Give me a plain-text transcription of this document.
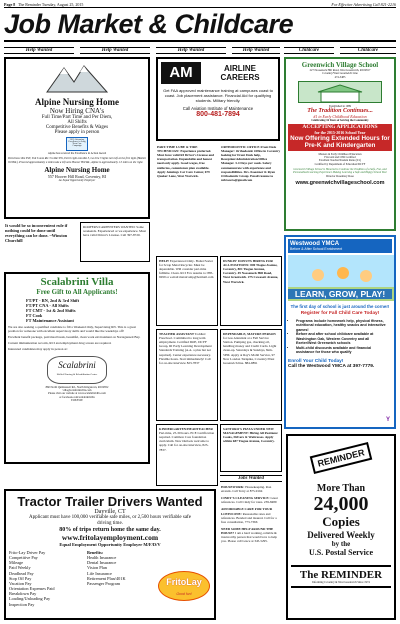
Page 8 The Reminder Tuesday, August 25, 2015	For Effective Advertising Call 821-2216
Job Market & Childcare
Help Wanted	Help Wanted	Help Wanted	Help Wanted	Childcare	Childcare
Alpine Nursing Home
Now Hiring CNA's
Full Time/Part Time and Per Diem,
All Shifts
Competitive Benefits & Wages
Please apply in person
2013 Advancing Excellence in Long Term Care Campaign
Alpine has received the Excellence in Action Award
Directions: Rte 95N, Exit 6 onto Rte 3 to Rte 95S, Exit 6 right onto Rte 3, Go thru 3 lights turn left at the first light (Hazlett Oil Bld.). Proceed approximately 4 miles take a left onto Hoover Hill Rd., Alpine is approximately 1.5 miles on the right.
Alpine Nursing Home
557 Hoover Hill Road, Coventry, RI
An Equal Opportunity Employer
AM	AIRLINE
CAREERS
Get FAA approved maintenance training at campuses coast to coast. Job placement assistance. Financial Aid for qualifying students. Military friendly.
Call Aviation Institute of Maintenance
800-481-7894
Greenwich Village School
227 Nooseneck Hill Road, West Greenwich, RI 02817
Coventry/West Greenwich Line
474-3485
Established in 1989
The Tradition Continues...
#1 in Early Childhood Education
Celebrating 16 Years of Serving the Community
ACCEPTING APPLICATIONS
for the 2015-2016 School Year
Now Offering Extended Hours for Pre-K and Kindergarten
Masters in Early Childhood Education
First Aid and CPR Certified
Excellent Teacher/Student Ratio (6/1)
Certified by Department of Education/DCYF
Greenwich Village School is Honored to Continue the Tradition of a Safe, Fun, and Personalized Learning Experience Making Learning a Safe and Happy School Year
Director Rosemary Rose
www.greenwichvillageschool.com
PART-TIME LUBE & TIRE TECHNICIAN: Experience preferred. Must have valid RI Driver's License and transportation. Dependable and honest need only apply. Good wages, free uniforms, commission plan available. Apply Jennings Car Care Center, 679 Quaker Lane, West Warwick.
ORTHODONTIC OFFICE Front Desk Manager: Orthodontic Office in Coventry looking for Front Desk help, Reception/Administration/Office Manager. 3-4 Days per week. Salary commensurate with experience and responsibilities. Drs. Kaestner & Ryan Orthodontic Group. Email resume to mbracero@gmail.com
It would be so inconvenient rule if nothing could be done until everything can be done. ~Winston Churchill
ROOFERS/CARPENTERS WANTED: Some weekends. Experienced or we experience. Must have valid Driver's License. Call 397-8720.
HELP! Experienced Only- Boiler/Sorter for Scrap Metal Recycler. Must be dependable. Will consider part-time fulltime. Clean. RCI Fox resume to: 885-9299 or e-mail metalcomp@hotmail.com
DUNKIN' DONUTS HIRING FOR ALL POSITIONS: 800 Tiogue Avenue, Coventry, 801 Tiogue Avenue, Coventry. 49 Nooseneck Hill Road, West Greenwich. 275 Cowesett Avenue, West Warwick.
Scalabrini Villa
Free Gift to All Applicants!
FT/PT - RN, 2nd & 3rd Shift
FT/PT CNA - All Shifts
FT CMT - 1st & 2nd Shifts
FT Cook
FT Maintenance Assistant
We are also seeking a qualified candidate to fill a Weekend Only, Supervising RN. This is a great position for someone with excellent supervisory skills and would like the weekdays off!
Excellent benefit package, paid meal break, beautiful, clean work environment on Narragansett Bay.
Current immunization records, RCI and employment drug screen are required.
Interested candidates may apply in person at:
Scalabrini
Skilled Nursing & Rehabilitation Center
860 North Quidnessett Rd., North Kingstown, RI 02852
villa@scalabrinivilla.com
Please visit our website at www.scalabrinivilla.com
or facebook.com/scalabrinivilla
EOE/EOE
TEACHER ASSISTANT Toddler/ Preschool. Committed to long term employment. Certified DOE, DCYF Group, RI Early Learning Development Standards Training (A.A. a plus but not required). Center experience necessary. Flexible hours. Start immediately! Call for on-site interview 823-7837
DEPENDABLE, MATURE PERSON for Gas Attendant at a Full Service Station. Pumping gas, checking oil, handling money and Credit Cards. Light clean-up. Saturdays & Sundays, 8am-5PM. Apply at Ray's Mobil Service, 97 New London Turnpike, Coventry/West Greenwich line. 884-9891
Westwood YMCA
Before & After School Enrichment
LEARN, GROW, PLAY!
The first day of school is just around the corner!
Register for Fall Child Care Today!
• Programs include homework help, physical fitness, nutritional education, healthy snacks and interactive games!
• Before and after school childcare available at Washington Oak, Western Coventry and all Exeter/West Greenwich schools
• Multi-child discounts available and financial assistance for those who qualify
Enroll Your Child Today!
Call the Westwood YMCA at 397-7779.
Y
KINDERGARTEN/HEADTEACHER Part-time, 25-30 hours. ECE Certification required. Common Core foundation curriculum. New Outlook welcome to apply. Call for on-site interview, 823-7837.
SANTORO'S PIZZA UNDER NEW MANAGEMENT: Hiring All Positions: Cooks, Drivers & Waitresses. Apply within 687 Tiogue Avenue, Coventry.
Jobs Wanted
Tractor Trailer Drivers Wanted
Dayville, CT
Applicant must have 100,000 verifiable safe miles, or 2,500 hours verifiable safe driving time.
80% of trips return home the same day.
www.fritolayemployment.com
Equal Employment Opportunity Employer M/F/D/V
Frito-Lay Driver Pay
Competitive Pay
Mileage
Paid Weekly
Deadhead Pay
Stop Off Pay
Vacation Pay
Orientation Expenses Paid
Breakdown Pay
Loading/Unloading Pay
Inspection Pay
Benefits:
Health Insurance
Dental Insurance
Vision Plan
Life Insurance
Retirement Plan/401K
Passenger Program	FritoLay
Good fun!
HOUSEWORK: Housekeeping. Ron errands. Call Terry at 875-9164
CINDY'S CLEANING SERVICE: Great references. Call Cindy for rates. 239-8489
AFFORDABLE CARE FOR YOUR LOVED ONE: Reasonable rates and references. Bonded and insured. Call for a free consultation, 773-7366
NEED SOME HELP AROUND THE HOUSE? I am a hard working, reliable & trustworthy person that would love to help you. Please call Grace at 345-5295.
REMINDER
More Than
24,000
Copies
Delivered Weekly
by the
U.S. Postal Service
The REMINDER
Informing Coventry & West Greenwich Since 1974
